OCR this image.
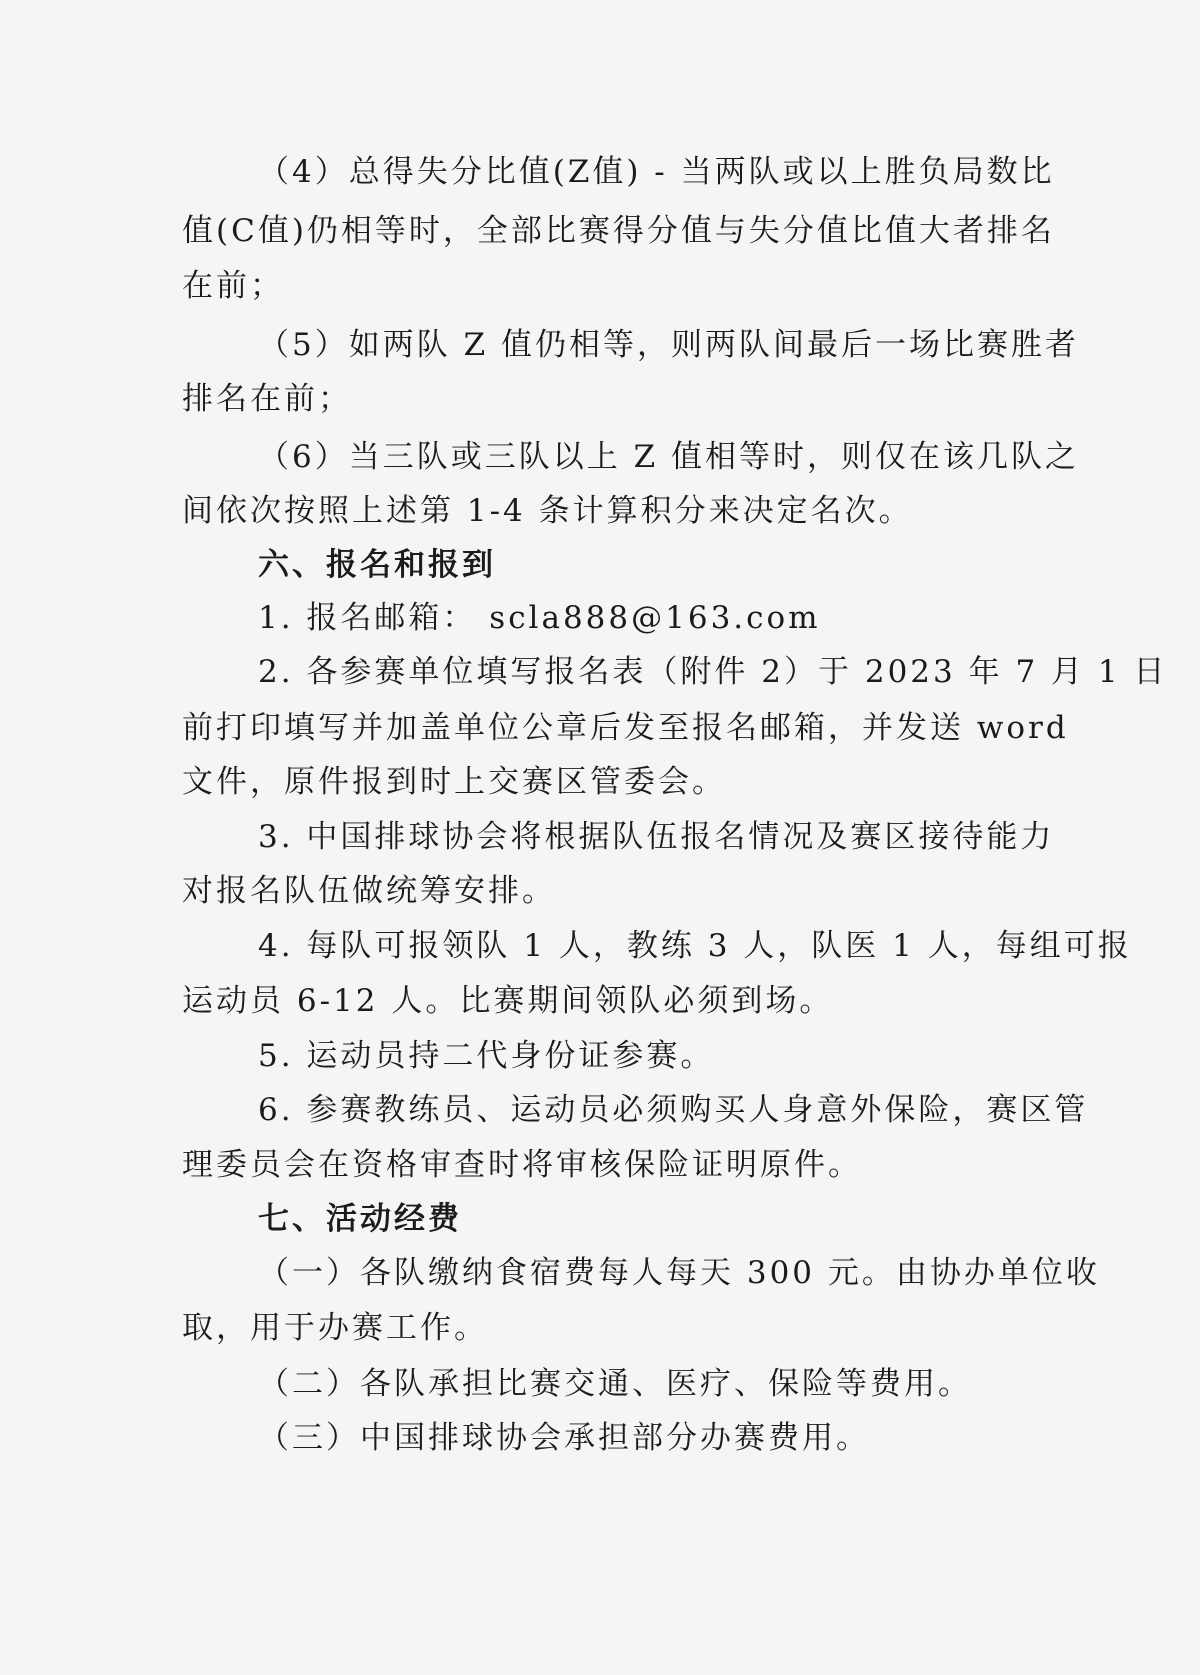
（4）总得失分比值(Z值) - 当两队或以上胜负局数比
值(C值)仍相等时，全部比赛得分值与失分值比值大者排名
在前；
（5）如两队 Z 值仍相等，则两队间最后一场比赛胜者
排名在前；
（6）当三队或三队以上 Z 值相等时，则仅在该几队之
间依次按照上述第 1-4 条计算积分来决定名次。
六、报名和报到
1. 报名邮箱： scla888@163.com
2. 各参赛单位填写报名表（附件 2）于 2023 年 7 月 1 日
前打印填写并加盖单位公章后发至报名邮箱，并发送 word
文件，原件报到时上交赛区管委会。
3. 中国排球协会将根据队伍报名情况及赛区接待能力
对报名队伍做统筹安排。
4. 每队可报领队 1 人，教练 3 人，队医 1 人，每组可报
运动员 6-12 人。比赛期间领队必须到场。
5. 运动员持二代身份证参赛。
6. 参赛教练员、运动员必须购买人身意外保险，赛区管
理委员会在资格审查时将审核保险证明原件。
七、活动经费
（一）各队缴纳食宿费每人每天 300 元。由协办单位收
取，用于办赛工作。
（二）各队承担比赛交通、医疗、保险等费用。
（三）中国排球协会承担部分办赛费用。
